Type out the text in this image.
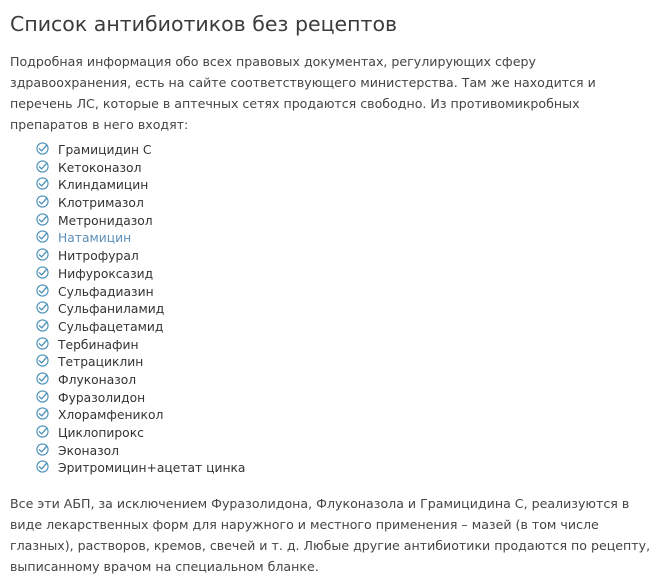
Список антибиотиков без рецептов

Подробная информация обо всех правовых документах, регулирующих сферу здравоохранения, есть на сайте соответствующего министерства. Там же находится и перечень ЛС, которые в аптечных сетях продаются свободно. Из противомикробных препаратов в него входят:

Грамицидин С
Кетоконазол
Клиндамицин
Клотримазол
Метронидазол
Натамицин
Нитрофурал
Нифуроксазид
Сульфадиазин
Сульфаниламид
Сульфацетамид
Тербинафин
Тетрациклин
Флуконазол
Фуразолидон
Хлорамфеникол
Циклопирокс
Эконазол
Эритромицин+ацетат цинка

Все эти АБП, за исключением Фуразолидона, Флуконазола и Грамицидина С, реализуются в виде лекарственных форм для наружного и местного применения – мазей (в том числе глазных), растворов, кремов, свечей и т. д. Любые другие антибиотики продаются по рецепту, выписанному врачом на специальном бланке.
